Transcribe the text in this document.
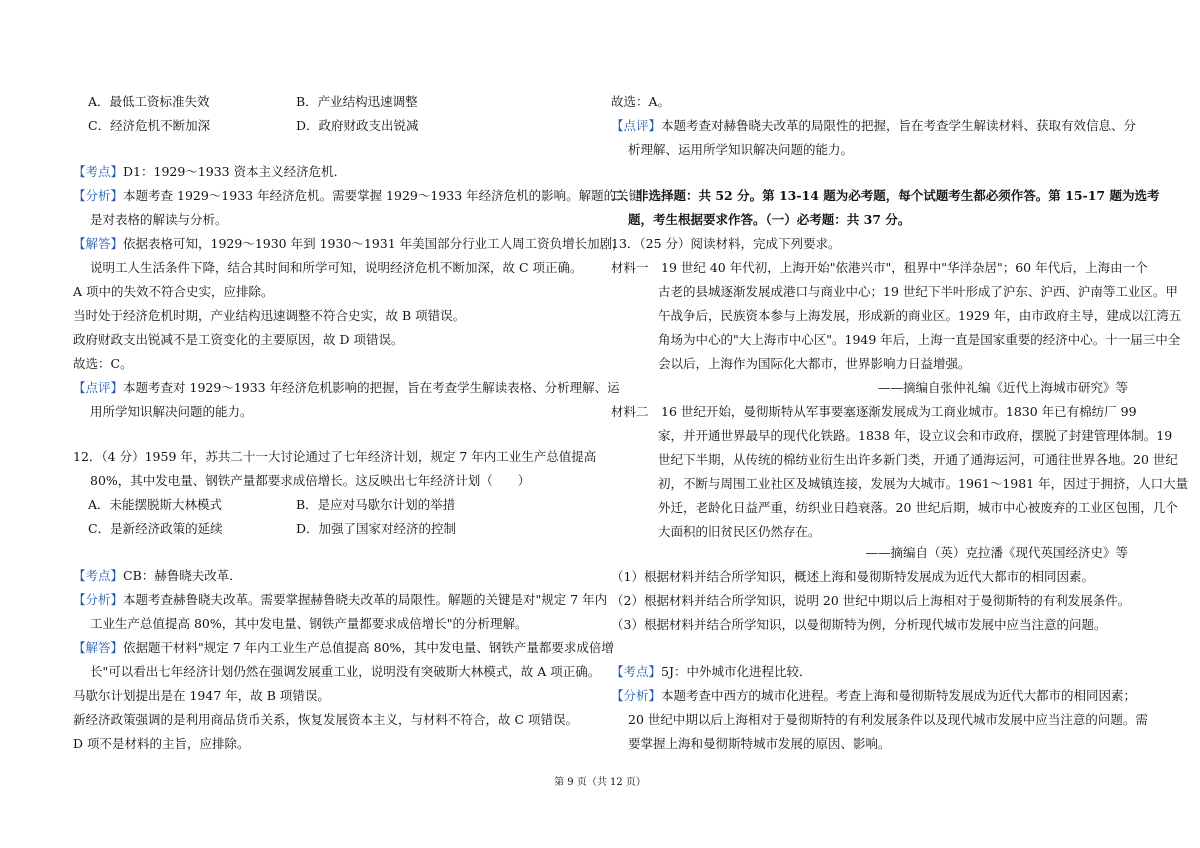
A．最低工资标准失效	B．产业结构迅速调整
C．经济危机不断加深	D．政府财政支出锐减
【考点】D1：1929～1933 资本主义经济危机．
【分析】本题考查 1929～1933 年经济危机。需要掌握 1929～1933 年经济危机的影响。解题的关键
是对表格的解读与分析。
【解答】依据表格可知，1929～1930 年到 1930～1931 年美国部分行业工人周工资负增长加剧，
说明工人生活条件下降，结合其时间和所学可知，说明经济危机不断加深，故 C 项正确。
A 项中的失效不符合史实，应排除。
当时处于经济危机时期，产业结构迅速调整不符合史实，故 B 项错误。
政府财政支出锐减不是工资变化的主要原因，故 D 项错误。
故选：C。
【点评】本题考查对 1929～1933 年经济危机影响的把握，旨在考查学生解读表格、分析理解、运
用所学知识解决问题的能力。
12．（4 分）1959 年，苏共二十一大讨论通过了七年经济计划，规定 7 年内工业生产总值提高
80%，其中发电量、钢铁产量都要求成倍增长。这反映出七年经济计划（　　）
A．未能摆脱斯大林模式	B．是应对马歇尔计划的举措
C．是新经济政策的延续	D．加强了国家对经济的控制
【考点】CB：赫鲁晓夫改革．
【分析】本题考查赫鲁晓夫改革。需要掌握赫鲁晓夫改革的局限性。解题的关键是对"规定 7 年内
工业生产总值提高 80%，其中发电量、钢铁产量都要求成倍增长"的分析理解。
【解答】依据题干材料"规定 7 年内工业生产总值提高 80%，其中发电量、钢铁产量都要求成倍增
长"可以看出七年经济计划仍然在强调发展重工业，说明没有突破斯大林模式，故 A 项正确。
马歇尔计划提出是在 1947 年，故 B 项错误。
新经济政策强调的是利用商品货币关系，恢复发展资本主义，与材料不符合，故 C 项错误。
D 项不是材料的主旨，应排除。
故选：A。
【点评】本题考查对赫鲁晓夫改革的局限性的把握，旨在考查学生解读材料、获取有效信息、分
析理解、运用所学知识解决问题的能力。
二、非选择题：共 52 分。第 13-14 题为必考题，每个试题考生都必须作答。第 15-17 题为选考
题，考生根据要求作答。（一）必考题：共 37 分。
13．（25 分）阅读材料，完成下列要求。
材料一　19 世纪 40 年代初，上海开始"依港兴市"，租界中"华洋杂居"；60 年代后，上海由一个
古老的县城逐渐发展成港口与商业中心；19 世纪下半叶形成了沪东、沪西、沪南等工业区。甲
午战争后，民族资本参与上海发展，形成新的商业区。1929 年，由市政府主导，建成以江湾五
角场为中心的"大上海市中心区"。1949 年后，上海一直是国家重要的经济中心。十一届三中全
会以后，上海作为国际化大都市，世界影响力日益增强。
——摘编自张仲礼编《近代上海城市研究》等
材料二　16 世纪开始，曼彻斯特从军事要塞逐渐发展成为工商业城市。1830 年已有棉纺厂 99
家，并开通世界最早的现代化铁路。1838 年，设立议会和市政府，摆脱了封建管理体制。19
世纪下半期，从传统的棉纺业衍生出许多新门类，开通了通海运河，可通往世界各地。20 世纪
初，不断与周围工业社区及城镇连接，发展为大城市。1961～1981 年，因过于拥挤，人口大量
外迁，老龄化日益严重，纺织业日趋衰落。20 世纪后期，城市中心被废弃的工业区包围，几个
大面积的旧贫民区仍然存在。
——摘编自（英）克拉潘《现代英国经济史》等
（1）根据材料并结合所学知识，概述上海和曼彻斯特发展成为近代大都市的相同因素。
（2）根据材料并结合所学知识，说明 20 世纪中期以后上海相对于曼彻斯特的有利发展条件。
（3）根据材料并结合所学知识，以曼彻斯特为例，分析现代城市发展中应当注意的问题。
【考点】5J：中外城市化进程比较．
【分析】本题考查中西方的城市化进程。考查上海和曼彻斯特发展成为近代大都市的相同因素；
20 世纪中期以后上海相对于曼彻斯特的有利发展条件以及现代城市发展中应当注意的问题。需
要掌握上海和曼彻斯特城市发展的原因、影响。
第 9 页（共 12 页）
